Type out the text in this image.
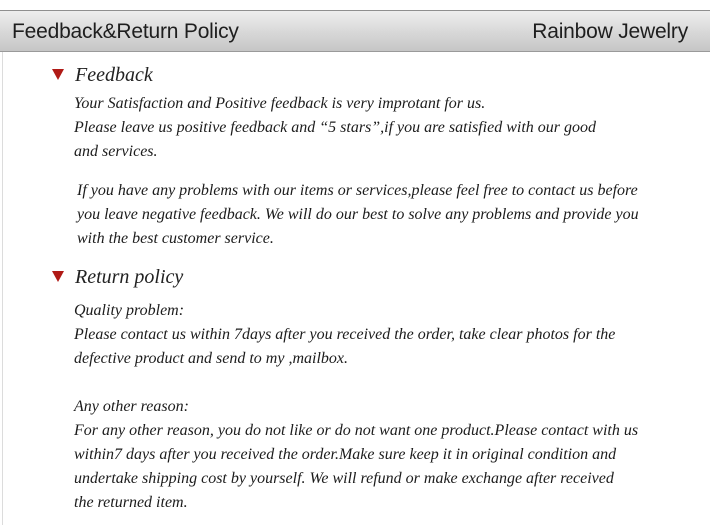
Feedback&Return Policy	Rainbow Jewelry
Feedback
Your Satisfaction and Positive feedback is very improtant for us.
Please leave us positive feedback and “5 stars”,if you are satisfied with our good
and services.
If you have any problems with our items or services,please feel free to contact us before
you leave negative feedback. We will do our best to solve any problems and provide you
with the best customer service.
Return policy
Quality problem:
Please contact us within 7days after you received the order, take clear photos for the
defective product and send to my ,mailbox.
Any other reason:
For any other reason, you do not like or do not want one product.Please contact with us
within7 days after you received the order.Make sure keep it in original condition and
undertake shipping cost by yourself. We will refund or make exchange after received
the returned item.
